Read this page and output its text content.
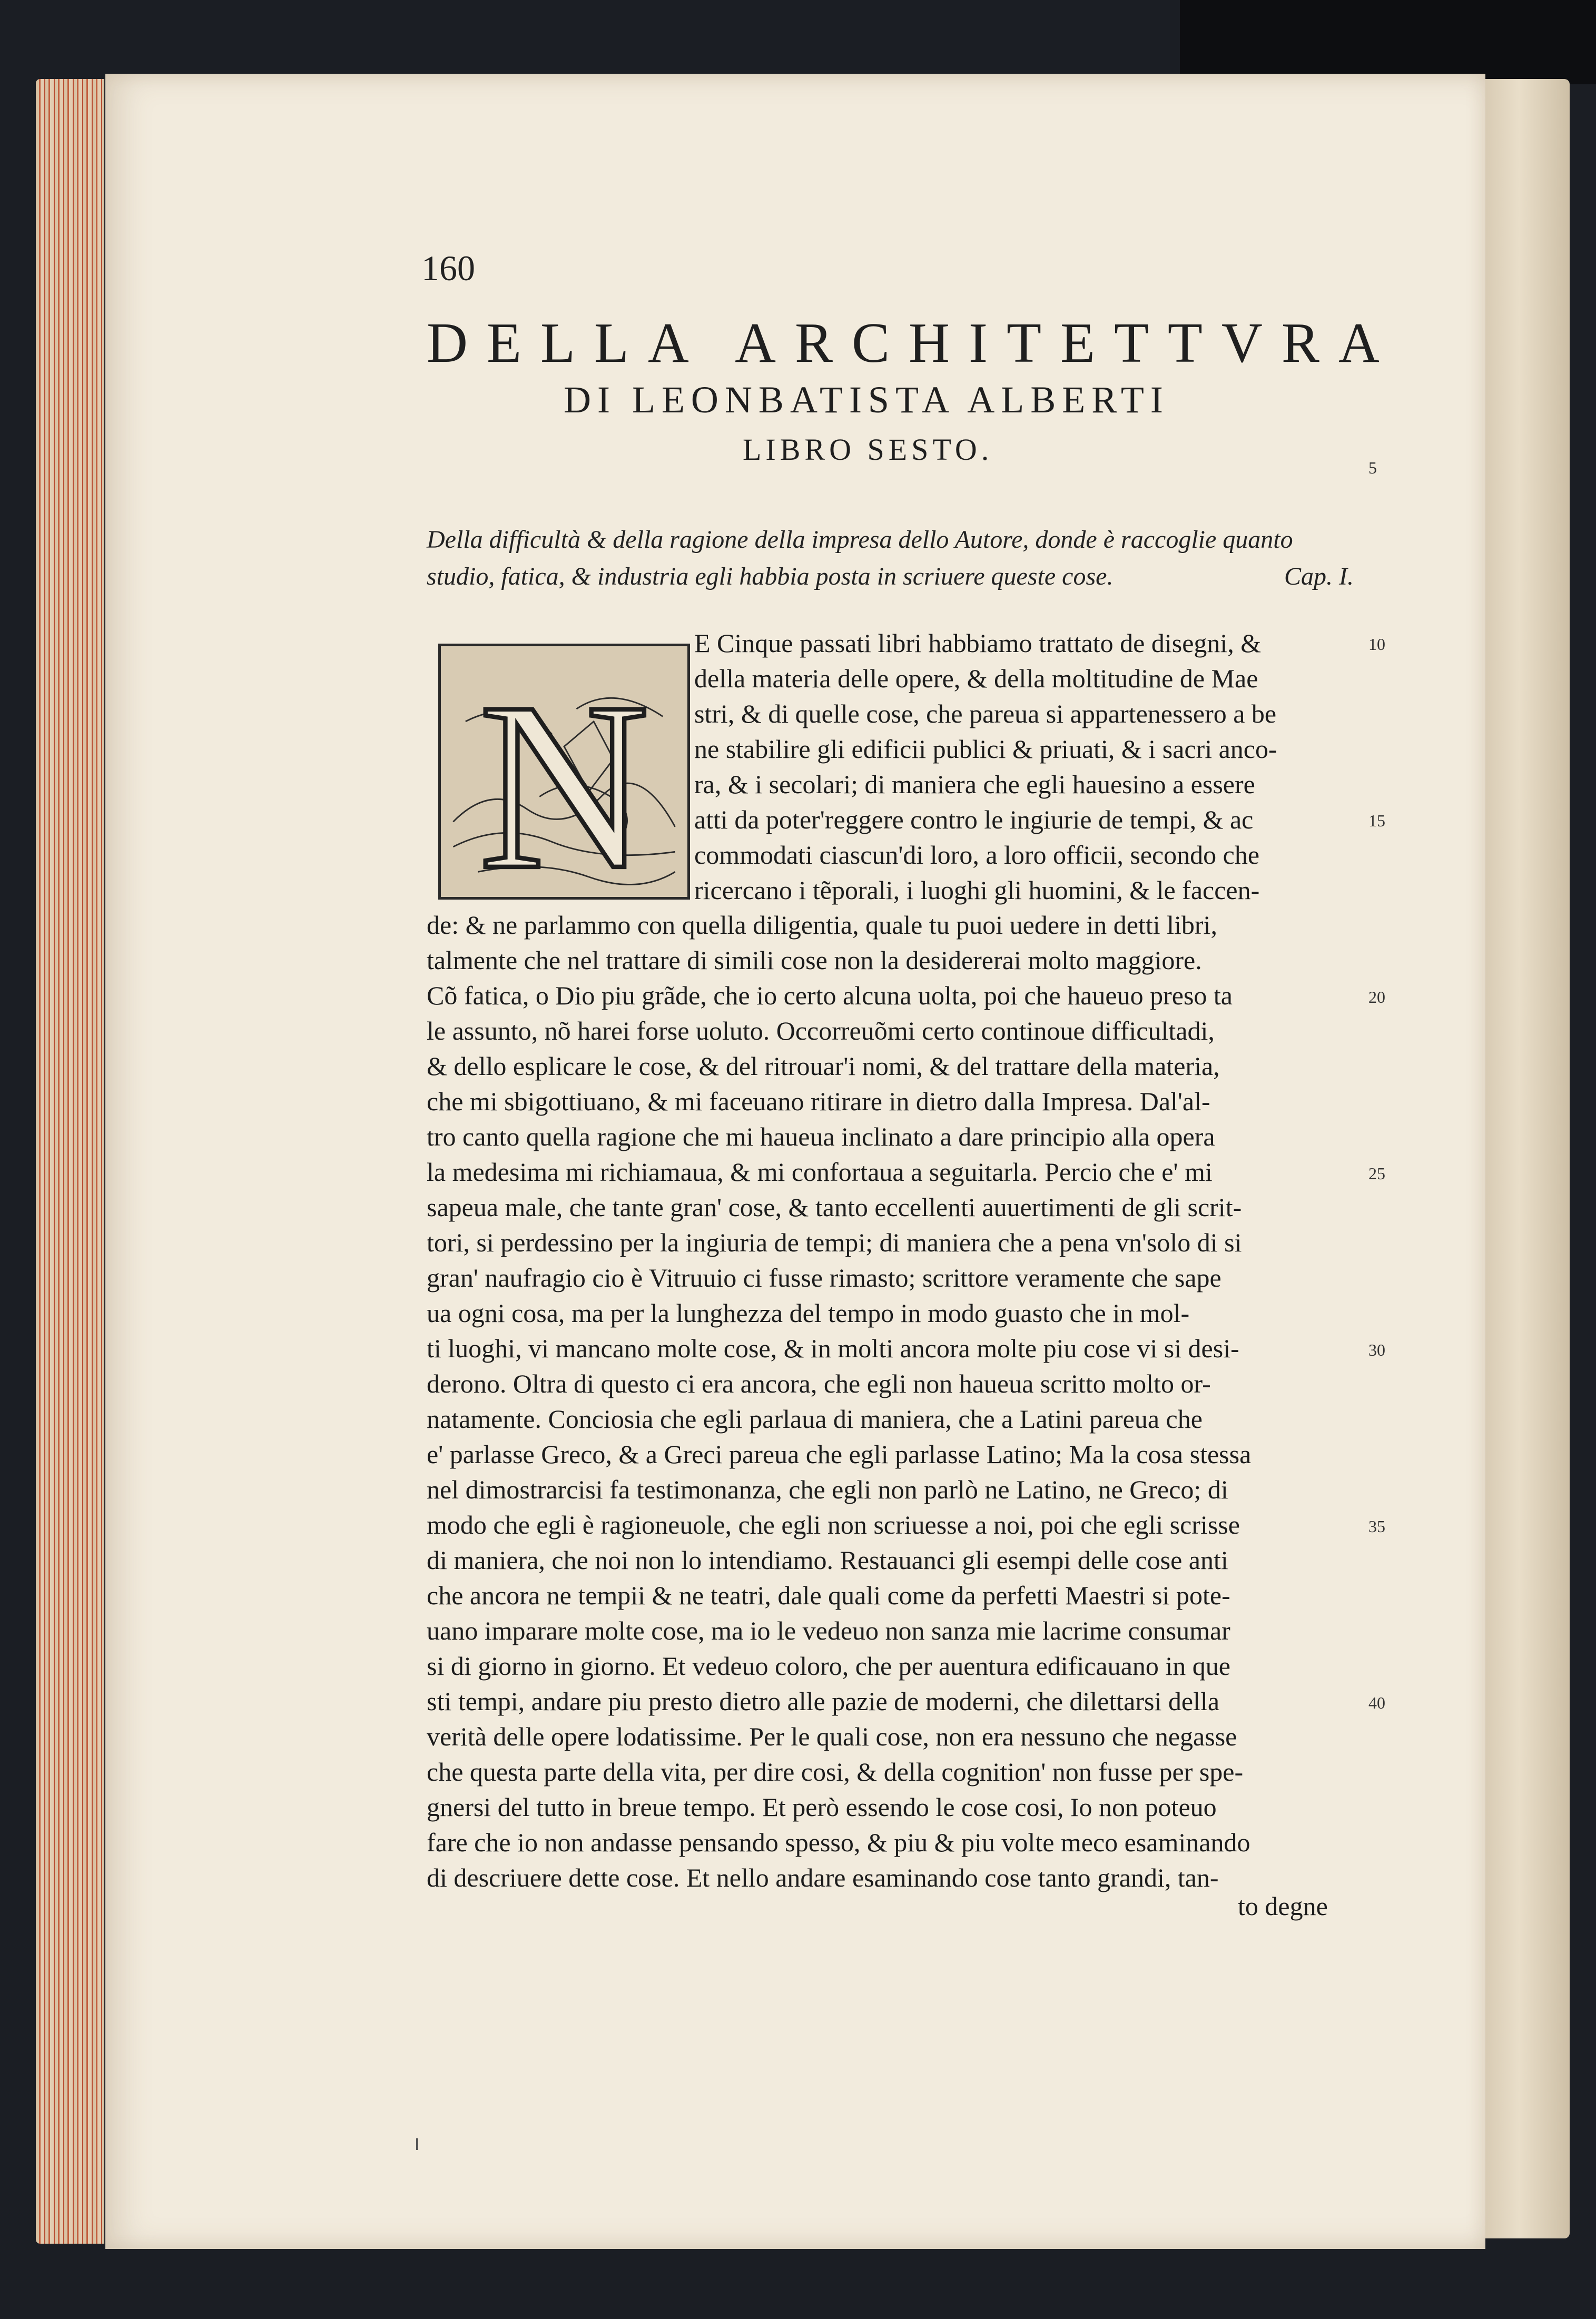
160
DELLA ARCHITETTVRA
DI LEONBATISTA ALBERTI
LIBRO SESTO.
Della difficultà & della ragione della impresa dello Autore, donde è raccoglie quanto
studio, fatica, & industria egli habbia posta in scriuere queste cose.	Cap. I.
5
10
15
20
25
30
35
40
N
E Cinque passati libri habbiamo trattato de disegni, &
della materia delle opere, & della moltitudine de Mae
stri, & di quelle cose, che pareua si appartenessero a be
ne stabilire gli edificii publici & priuati, & i sacri anco-
ra, & i secolari; di maniera che egli hauesino a essere
atti da poter'reggere contro le ingiurie de tempi, & ac
commodati ciascun'di loro, a loro officii, secondo che
ricercano i tẽporali, i luoghi gli huomini, & le faccen-
de: & ne parlammo con quella diligentia, quale tu puoi uedere in detti libri,
talmente che nel trattare di simili cose non la desidererai molto maggiore.
Cõ fatica, o Dio piu grãde, che io certo alcuna uolta, poi che haueuo preso ta
le assunto, nõ harei forse uoluto. Occorreuõmi certo continoue difficultadi,
& dello esplicare le cose, & del ritrouar'i nomi, & del trattare della materia,
che mi sbigottiuano, & mi faceuano ritirare in dietro dalla Impresa. Dal'al-
tro canto quella ragione che mi haueua inclinato a dare principio alla opera
la medesima mi richiamaua, & mi confortaua a seguitarla. Percio che e' mi
sapeua male, che tante gran' cose, & tanto eccellenti auuertimenti de gli scrit-
tori, si perdessino per la ingiuria de tempi; di maniera che a pena vn'solo di si
gran' naufragio cio è Vitruuio ci fusse rimasto; scrittore veramente che sape
ua ogni cosa, ma per la lunghezza del tempo in modo guasto che in mol-
ti luoghi, vi mancano molte cose, & in molti ancora molte piu cose vi si desi-
derono. Oltra di questo ci era ancora, che egli non haueua scritto molto or-
natamente. Conciosia che egli parlaua di maniera, che a Latini pareua che
e' parlasse Greco, & a Greci pareua che egli parlasse Latino; Ma la cosa stessa
nel dimostrarcisi fa testimonanza, che egli non parlò ne Latino, ne Greco; di
modo che egli è ragioneuole, che egli non scriuesse a noi, poi che egli scrisse
di maniera, che noi non lo intendiamo. Restauanci gli esempi delle cose anti
che ancora ne tempii & ne teatri, dale quali come da perfetti Maestri si pote-
uano imparare molte cose, ma io le vedeuo non sanza mie lacrime consumar
si di giorno in giorno. Et vedeuo coloro, che per auentura edificauano in que
sti tempi, andare piu presto dietro alle pazie de moderni, che dilettarsi della
verità delle opere lodatissime. Per le quali cose, non era nessuno che negasse
che questa parte della vita, per dire cosi, & della cognition' non fusse per spe-
gnersi del tutto in breue tempo. Et però essendo le cose cosi, Io non poteuo
fare che io non andasse pensando spesso, & piu & piu volte meco esaminando
di descriuere dette cose. Et nello andare esaminando cose tanto grandi, tan-
to degne
